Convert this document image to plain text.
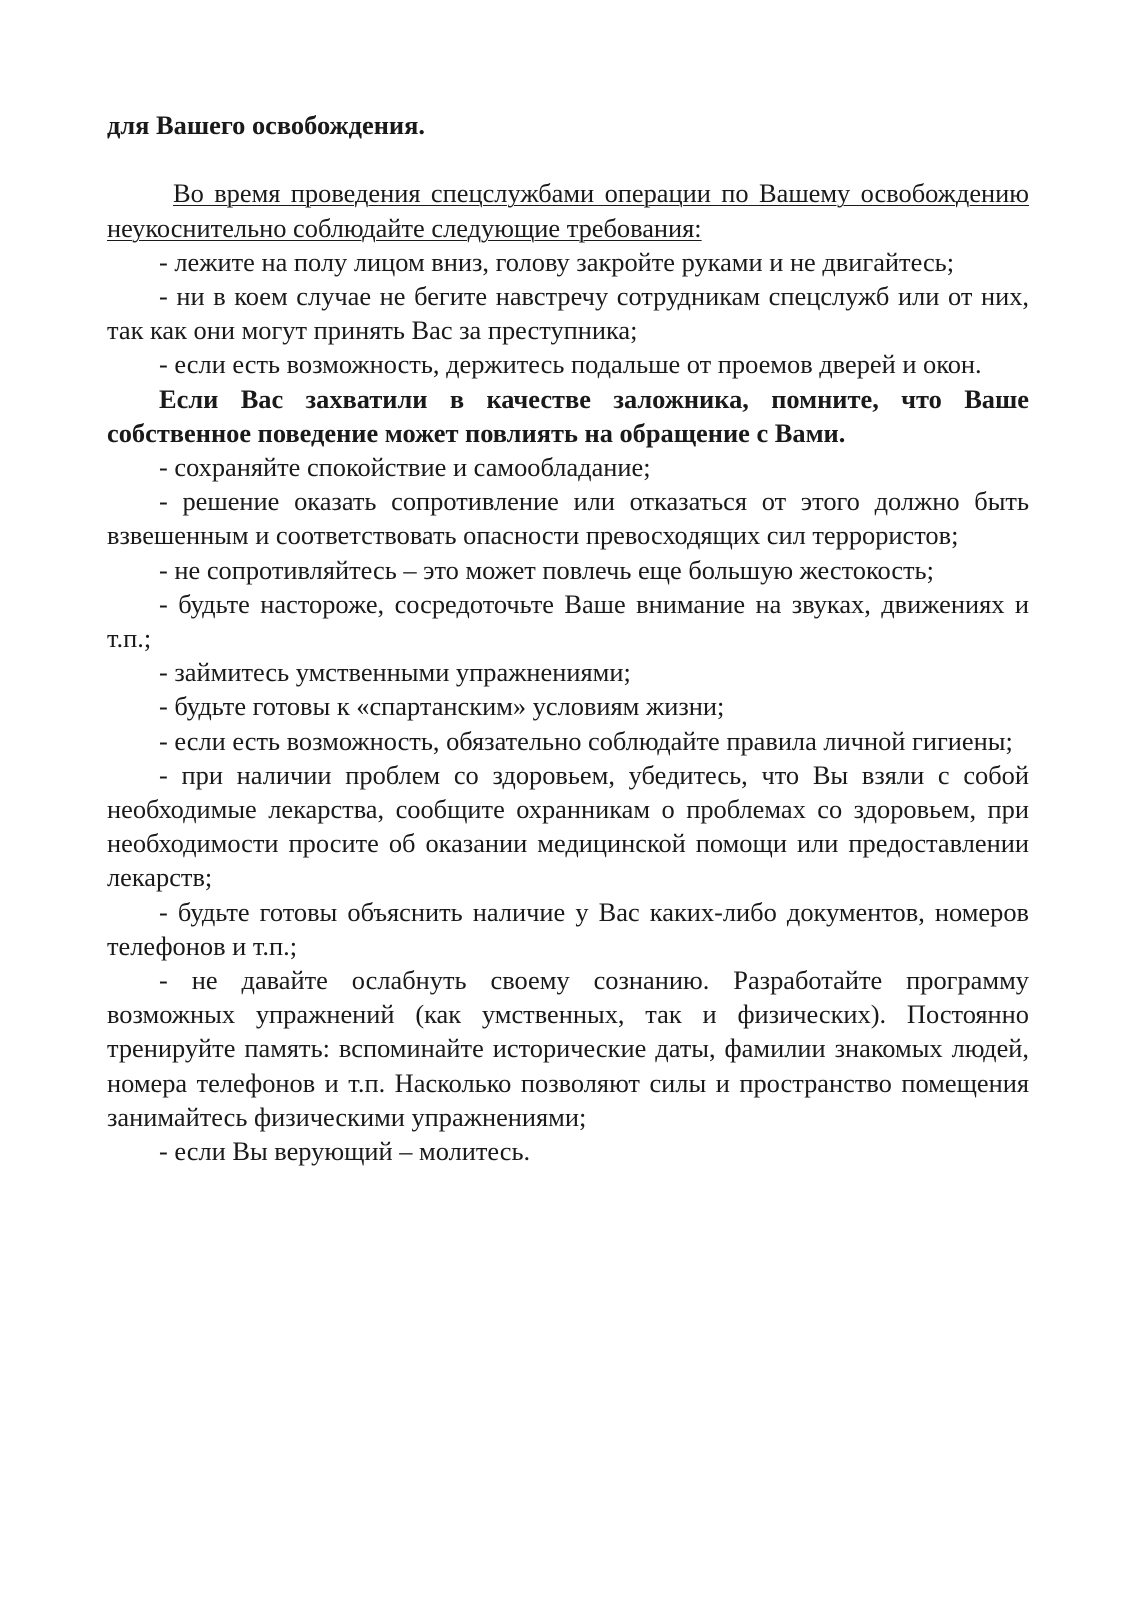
для Вашего освобождения.

Во время проведения спецслужбами операции по Вашему освобождению неукоснительно соблюдайте следующие требования:

- лежите на полу лицом вниз, голову закройте руками и не двигайтесь;

- ни в коем случае не бегите навстречу сотрудникам спецслужб или от них, так как они могут принять Вас за преступника;

- если есть возможность, держитесь подальше от проемов дверей и окон.

Если Вас захватили в качестве заложника, помните, что Ваше собственное поведение может повлиять на обращение с Вами.

- сохраняйте спокойствие и самообладание;

- решение оказать сопротивление или отказаться от этого должно быть взвешенным и соответствовать опасности превосходящих сил террористов;

- не сопротивляйтесь – это может повлечь еще большую жестокость;

- будьте настороже, сосредоточьте Ваше внимание на звуках, движениях и т.п.;

- займитесь умственными упражнениями;

- будьте готовы к «спартанским» условиям жизни;

- если есть возможность, обязательно соблюдайте правила личной гигиены;

- при наличии проблем со здоровьем, убедитесь, что Вы взяли с собой необходимые лекарства, сообщите охранникам о проблемах со здоровьем, при необходимости просите об оказании медицинской помощи или предоставлении лекарств;

- будьте готовы объяснить наличие у Вас каких-либо документов, номеров телефонов и т.п.;

- не давайте ослабнуть своему сознанию. Разработайте программу возможных упражнений (как умственных, так и физических). Постоянно тренируйте память: вспоминайте исторические даты, фамилии знакомых людей, номера телефонов и т.п. Насколько позволяют силы и пространство помещения занимайтесь физическими упражнениями;

- если Вы верующий – молитесь.
